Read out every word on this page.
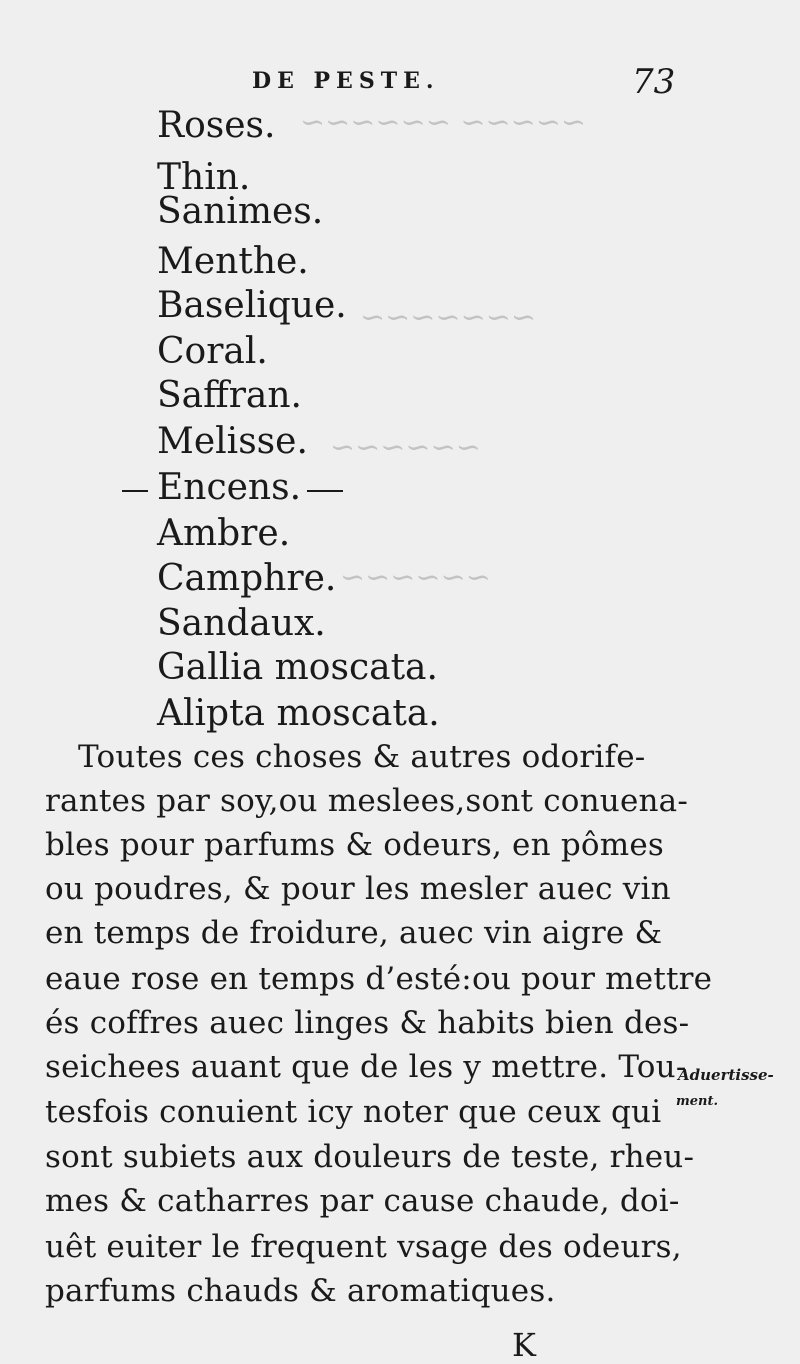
~~~~~ ~~~~~~
~~~~~~~
~~~~~~
~~~~~~
DE PESTE.	73
Roses.
Thin.
Sanimes.
Menthe.
Baselique.
Coral.
Saffran.
Melisse.
Encens.
Ambre.
Camphre.
Sandaux.
Gallia moscata.
Alipta moscata.
Toutes ces choses & autres odorife-
rantes par soy,ou meslees,sont conuena-
bles pour parfums & odeurs, en pômes
ou poudres, & pour les mesler auec vin
en temps de froidure, auec vin aigre &
eaue rose en temps d’esté:ou pour mettre
és coffres auec linges & habits bien des-
seichees auant que de les y mettre. Tou-
tesfois conuient icy noter que ceux qui
sont subiets aux douleurs de teste, rheu-
mes & catharres par cause chaude, doi-
uêt euiter le frequent vsage des odeurs,
parfums chauds & aromatiques.
Aduertisse-
ment.
K
